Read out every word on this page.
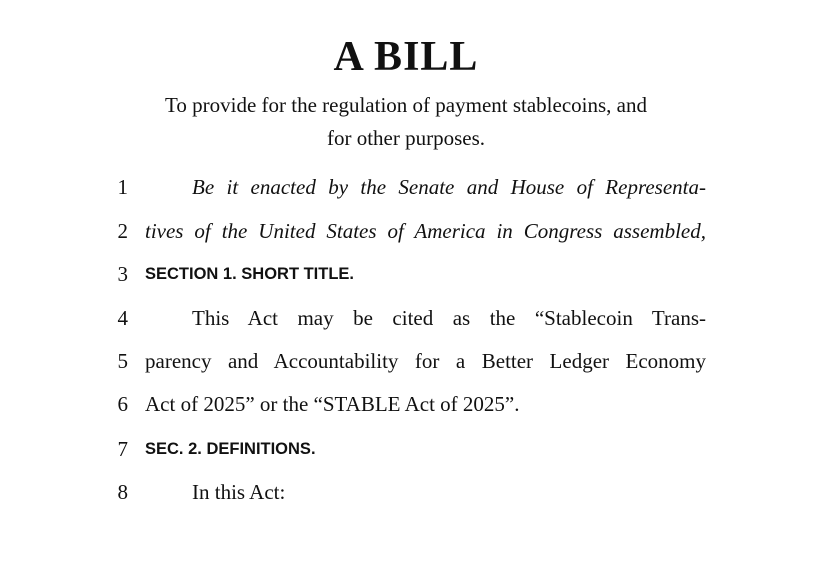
A BILL
To provide for the regulation of payment stablecoins, and
for other purposes.
1	Be it enacted by the Senate and House of Representa-
2 tives of the United States of America in Congress assembled,
3 SECTION 1. SHORT TITLE.
4	This Act may be cited as the “Stablecoin Trans-
5 parency and Accountability for a Better Ledger Economy
6 Act of 2025” or the “STABLE Act of 2025”.
7 SEC. 2. DEFINITIONS.
8	In this Act:
